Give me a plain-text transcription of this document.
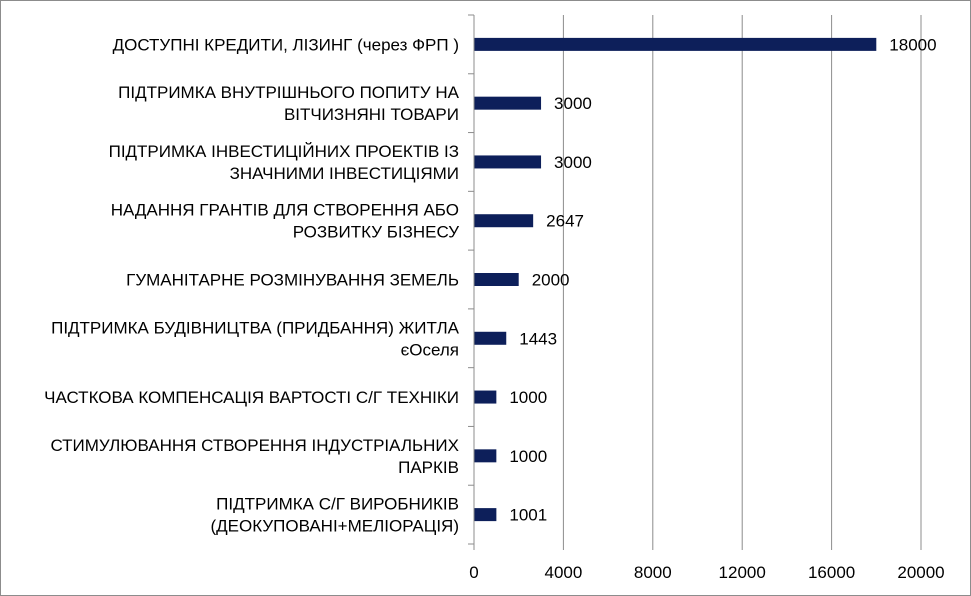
ДОСТУПНІ КРЕДИТИ, ЛІЗИНГ (через ФРП )
ПІДТРИМКА ВНУТРІШНЬОГО ПОПИТУ НА
ВІТЧИЗНЯНІ ТОВАРИ
ПІДТРИМКА ІНВЕСТИЦІЙНИХ ПРОЕКТІВ ІЗ
ЗНАЧНИМИ ІНВЕСТИЦІЯМИ
НАДАННЯ ГРАНТІВ ДЛЯ СТВОРЕННЯ АБО
РОЗВИТКУ БІЗНЕСУ
ГУМАНІТАРНЕ РОЗМІНУВАННЯ ЗЕМЕЛЬ
ПІДТРИМКА БУДІВНИЦТВА (ПРИДБАННЯ) ЖИТЛА
єОселя
ЧАСТКОВА КОМПЕНСАЦІЯ ВАРТОСТІ С/Г ТЕХНІКИ
СТИМУЛЮВАННЯ СТВОРЕННЯ ІНДУСТРІАЛЬНИХ
ПАРКІВ
ПІДТРИМКА С/Г ВИРОБНИКІВ
(ДЕОКУПОВАНІ+МЕЛІОРАЦІЯ)
0	4000	8000	12000 16000 20000
18000
3000
3000
2647
2000
1443
1000
1000
1001
